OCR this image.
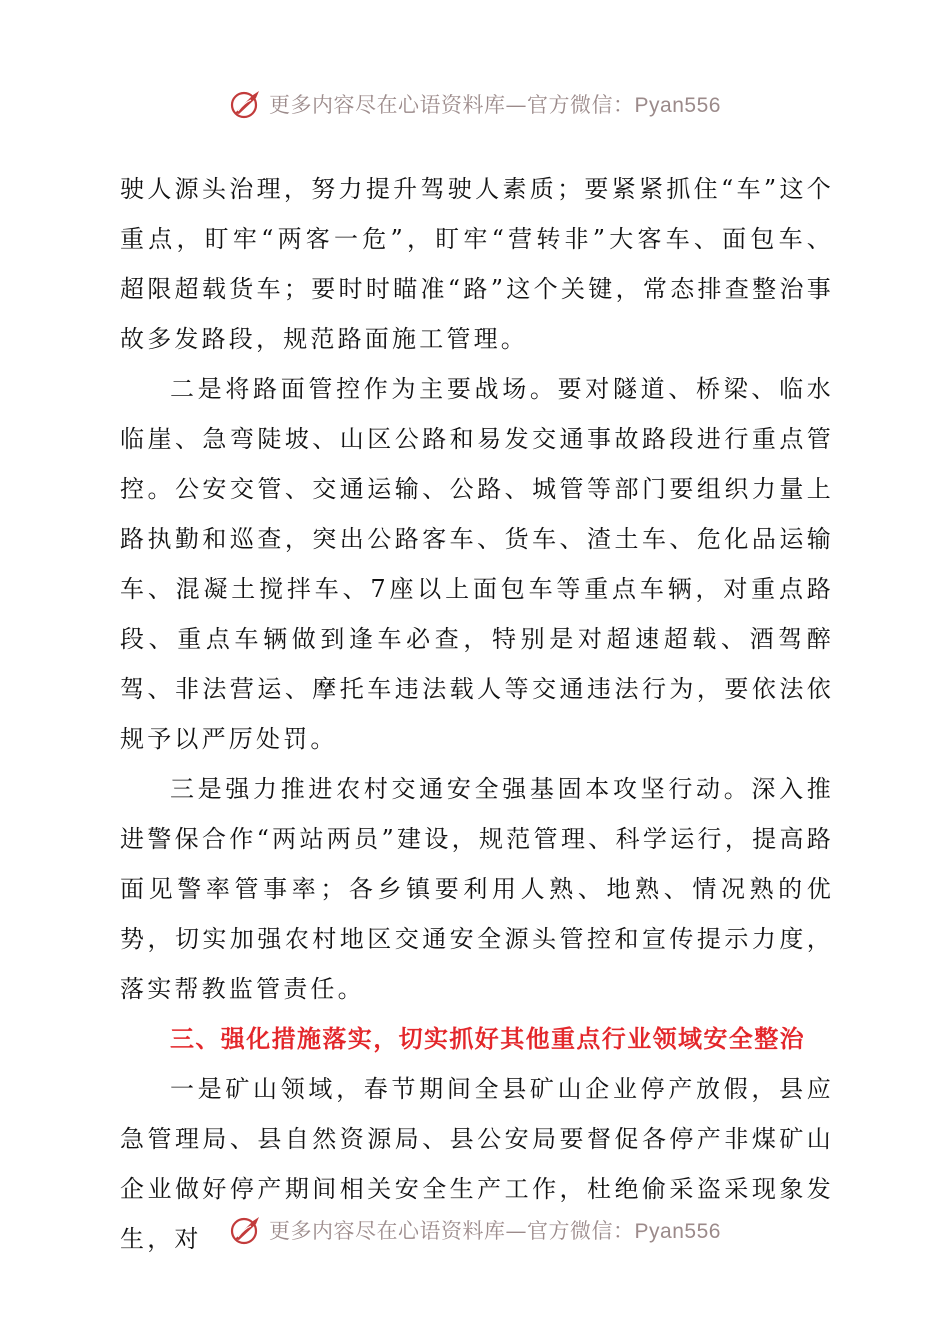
更多内容尽在心语资料库—官方微信：Pyan556

驶人源头治理，努力提升驾驶人素质；要紧紧抓住“车”这个重点，盯牢“两客一危”，盯牢“营转非”大客车、面包车、超限超载货车；要时时瞄准“路”这个关键，常态排查整治事故多发路段，规范路面施工管理。

二是将路面管控作为主要战场。要对隧道、桥梁、临水临崖、急弯陡坡、山区公路和易发交通事故路段进行重点管控。公安交管、交通运输、公路、城管等部门要组织力量上路执勤和巡查，突出公路客车、货车、渣土车、危化品运输车、混凝土搅拌车、7座以上面包车等重点车辆，对重点路段、重点车辆做到逢车必查，特别是对超速超载、酒驾醉驾、非法营运、摩托车违法载人等交通违法行为，要依法依规予以严厉处罚。

三是强力推进农村交通安全强基固本攻坚行动。深入推进警保合作“两站两员”建设，规范管理、科学运行，提高路面见警率管事率；各乡镇要利用人熟、地熟、情况熟的优势，切实加强农村地区交通安全源头管控和宣传提示力度，落实帮教监管责任。

三、强化措施落实，切实抓好其他重点行业领域安全整治

一是矿山领域，春节期间全县矿山企业停产放假，县应急管理局、县自然资源局、县公安局要督促各停产非煤矿山企业做好停产期间相关安全生产工作，杜绝偷采盗采现象发生，对	更多内容尽在心语资料库—官方微信：Pyan556
